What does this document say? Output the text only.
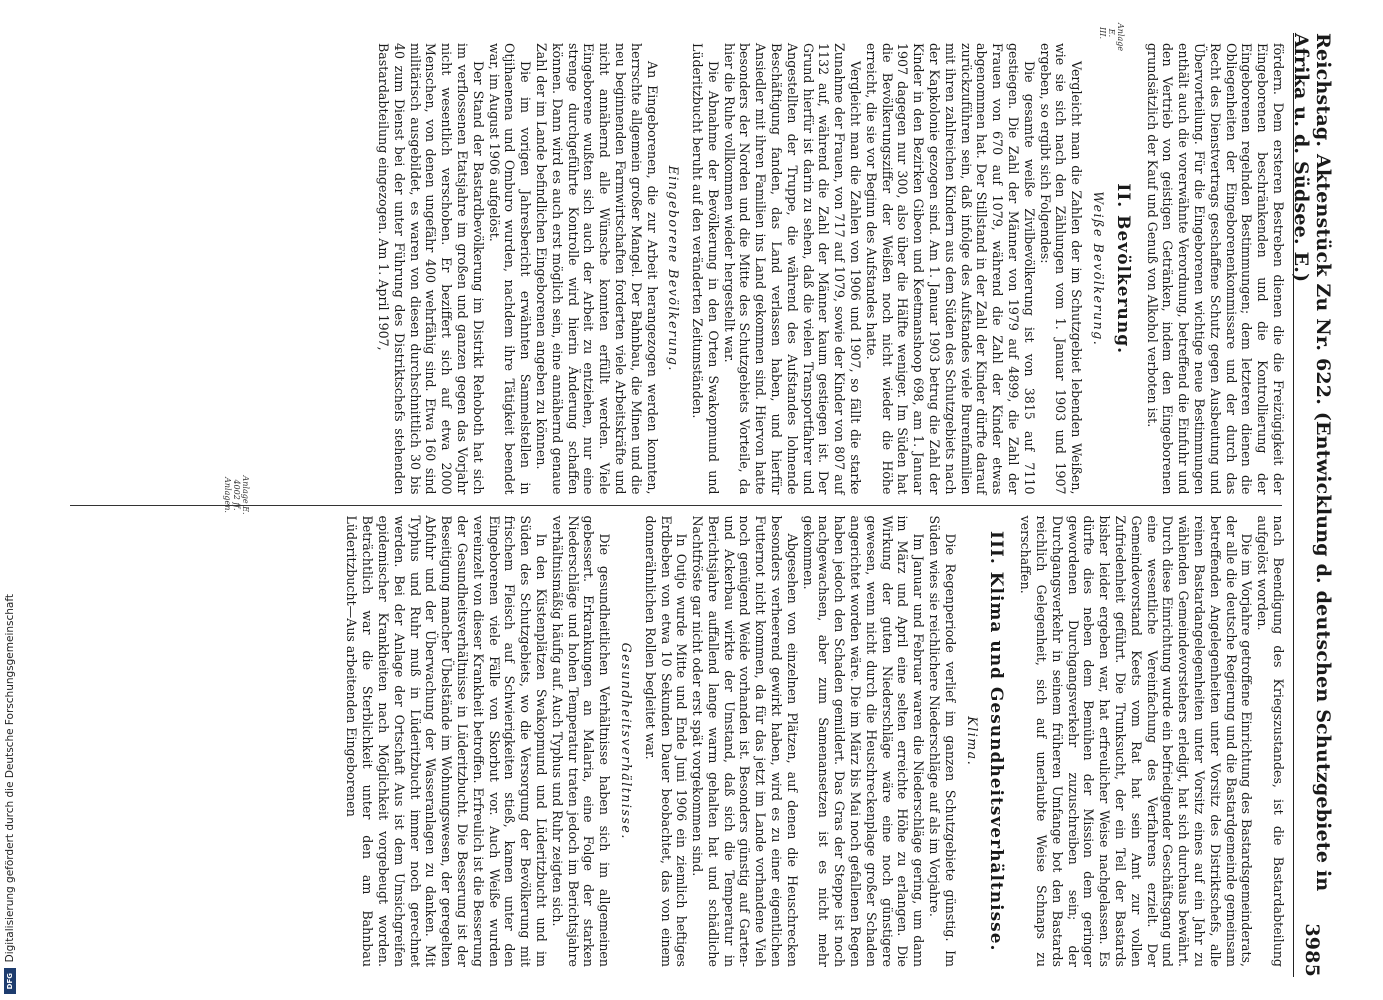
Digitalisierung gefördert durch die Deutsche Forschungsgemeinschaft
DFG
Reichstag. Aktenstück Zu Nr. 622. (Entwicklung d. deutschen Schutzgebiete in Afrika u. d. Südsee. E.)
3985

fördern. Dem ersteren Bestreben dienen die die Freizügigkeit der Eingeborenen beschränkenden und die Kontrollierung der Eingeborenen regelnden Bestimmungen; dem letzteren dienen die Obliegenheiten der Eingeborenenkommissare und der durch das Recht des Dienstvertrags geschaffene Schutz gegen Ausbeutung und Übervorteilung. Für die Eingeborenen wichtige neue Bestimmungen enthält auch die vorerwähnte Verordnung, betreffend die Einfuhr und den Vertrieb von geistigen Getränken, indem den Eingeborenen grundsätzlich der Kauf und Genuß von Alkohol verboten ist.

II. Bevölkerung.
Weiße Bevölkerung.

Vergleicht man die Zahlen der im Schutzgebiet lebenden Weißen, wie sie sich nach den Zählungen vom 1. Januar 1903 und 1907 ergeben, so ergibt sich Folgendes:

Die gesamte weiße Zivilbevölkerung ist von 3815 auf 7110 gestiegen. Die Zahl der Männer von 1979 auf 4899, die Zahl der Frauen von 670 auf 1079, während die Zahl der Kinder etwas abgenommen hat. Der Stillstand in der Zahl der Kinder dürfte darauf zurückzuführen sein, daß infolge des Aufstandes viele Burenfamilien mit ihren zahlreichen Kindern aus dem Süden des Schutzgebiets nach der Kapkolonie gezogen sind. Am 1. Januar 1903 betrug die Zahl der Kinder in den Bezirken Gibeon und Keetmanshoop 698, am 1. Januar 1907 dagegen nur 300, also über die Hälfte weniger. Im Süden hat die Bevölkerungsziffer der Weißen noch nicht wieder die Höhe erreicht, die sie vor Beginn des Aufstandes hatte.

Vergleicht man die Zahlen von 1906 und 1907, so fällt die starke Zunahme der Frauen, von 717 auf 1079, sowie der Kinder von 807 auf 1132 auf, während die Zahl der Männer kaum gestiegen ist. Der Grund hierfür ist darin zu sehen, daß die vielen Transportfahrer und Angestellten der Truppe, die während des Aufstandes lohnende Beschäftigung fanden, das Land verlassen haben, und hierfür Ansiedler mit ihren Familien ins Land gekommen sind. Hiervon hatte besonders der Norden und die Mitte des Schutzgebiets Vorteile, da hier die Ruhe vollkommen wieder hergestellt war.

Die Abnahme der Bevölkerung in den Orten Swakopmund und Lüderitzbucht beruht auf den veränderten Zeitumständen.

Eingeborene Bevölkerung.

An Eingeborenen, die zur Arbeit herangezogen werden konnten, herrschte allgemein großer Mangel. Der Bahnbau, die Minen und die neu beginnenden Farmwirtschaften forderten viele Arbeitskräfte und nicht annähernd alle Wünsche konnten erfüllt werden. Viele Eingeborene wußten sich auch der Arbeit zu entziehen, nur eine strenge durchgeführte Kontrolle wird hierin Änderung schaffen können. Dann wird es auch erst möglich sein, eine annähernd genaue Zahl der im Lande befindlichen Eingeborenen angeben zu können.

Die im vorigen Jahresbericht erwähnten Sammelstellen in Otjihaenena und Omburo wurden, nachdem ihre Tätigkeit beendet war, im August 1906 aufgelöst.

Der Stand der Bastardbevölkerung im Distrikt Rehoboth hat sich im verflossenen Etatsjahre im großen und ganzen gegen das Vorjahr nicht wesentlich verschoben. Er beziffert sich auf etwa 2000 Menschen, von denen ungefähr 400 wehrfähig sind. Etwa 160 sind militärisch ausgebildet, es waren von diesen durchschnittlich 30 bis 40 zum Dienst bei der unter Führung des Distriktschefs stehenden Bastardabteilung eingezogen. Am 1. April 1907,

nach Beendigung des Kriegszustandes, ist die Bastardabteilung aufgelöst worden.

Die im Vorjahre getroffene Einrichtung des Bastardsgemeinderats, der alle die deutsche Regierung und die Bastardgemeinde gemeinsam betreffenden Angelegenheiten unter Vorsitz des Distriktschefs, alle reinen Bastardangelegenheiten unter Vorsitz eines auf ein Jahr zu wählenden Gemeindevorstehers erledigt, hat sich durchaus bewährt. Durch diese Einrichtung wurde ein befriedigender Geschäftsgang und eine wesentliche Vereinfachung des Verfahrens erzielt. Der Gemeindevorstand Keets vom Rat hat sein Amt zur vollen Zufriedenheit geführt. Die Trunksucht, der ein Teil der Bastards bisher leider ergeben war, hat erfreulicher Weise nachgelassen. Es dürfte dies neben dem Bemühen der Mission dem geringer gewordenen Durchgangsverkehr zuzuschreiben sein; der Durchgangsverkehr in seinem früheren Umfange bot den Bastards reichlich Gelegenheit, sich auf unerlaubte Weise Schnaps zu verschaffen.

III. Klima und Gesundheitsverhältnisse.
Klima.

Die Regenperiode verlief im ganzen Schutzgebiete günstig. Im Süden wies sie reichlichere Niederschläge auf als im Vorjahre.

Im Januar und Februar waren die Niederschläge gering, um dann im März und April eine selten erreichte Höhe zu erlangen. Die Wirkung der guten Niederschläge wäre eine noch günstigere gewesen, wenn nicht durch die Heuschreckenplage großer Schaden angerichtet worden wäre. Die im März bis Mai noch gefallenen Regen haben jedoch den Schaden gemildert. Das Gras der Steppe ist noch nachgewachsen, aber zum Samenansetzen ist es nicht mehr gekommen.

Abgesehen von einzelnen Plätzen, auf denen die Heuschrecken besonders verheerend gewirkt haben, wird es zu einer eigentlichen Futternot nicht kommen, da für das jetzt im Lande vorhandene Vieh noch genügend Weide vorhanden ist. Besonders günstig auf Garten- und Ackerbau wirkte der Umstand, daß sich die Temperatur in Berichtsjahre auffallend lange warm gehalten hat und schädliche Nachtfröste gar nicht oder erst spät vorgekommen sind.

In Outjo wurde Mitte und Ende Juni 1906 ein ziemlich heftiges Erdbeben von etwa 10 Sekunden Dauer beobachtet, das von einem donnerähnlichen Rollen begleitet war.

Gesundheitsverhältnisse.

Die gesundheitlichen Verhältnisse haben sich im allgemeinen gebessert. Erkrankungen an Malaria, eine Folge der starken Niederschläge und hohen Temperatur traten jedoch im Berichtsjahre verhältnismäßig häufig auf. Auch Typhus und Ruhr zeigten sich.

In den Küstenplätzen Swakopmund und Lüderitzbucht und im Süden des Schutzgebiets, wo die Versorgung der Bevölkerung mit frischem Fleisch auf Schwierigkeiten stieß, kamen unter den Eingeborenen viele Fälle von Skorbut vor. Auch Weiße wurden vereinzelt von dieser Krankheit betroffen. Erfreulich ist die Besserung der Gesundheitsverhältnisse in Lüderitzbucht. Die Besserung ist der Beseitigung mancher Übelstände im Wohnungswesen, der geregelten Abfuhr und der Überwachung der Wasseranlagen zu danken. Mit Typhus und Ruhr muß in Lüderitzbucht immer noch gerechnet werden. Bei der Anlage der Ortschaft Aus ist dem Umsichgreifen epidemischer Krankheiten nach Möglichkeit vorgebeugt worden. Beträchtlich war die Sterblichkeit unter den am Bahnbau Lüderitzbucht—Aus arbeitenden Eingeborenen

Anlage E. III.
Anlage E. 4002 ff. Anlagen.
